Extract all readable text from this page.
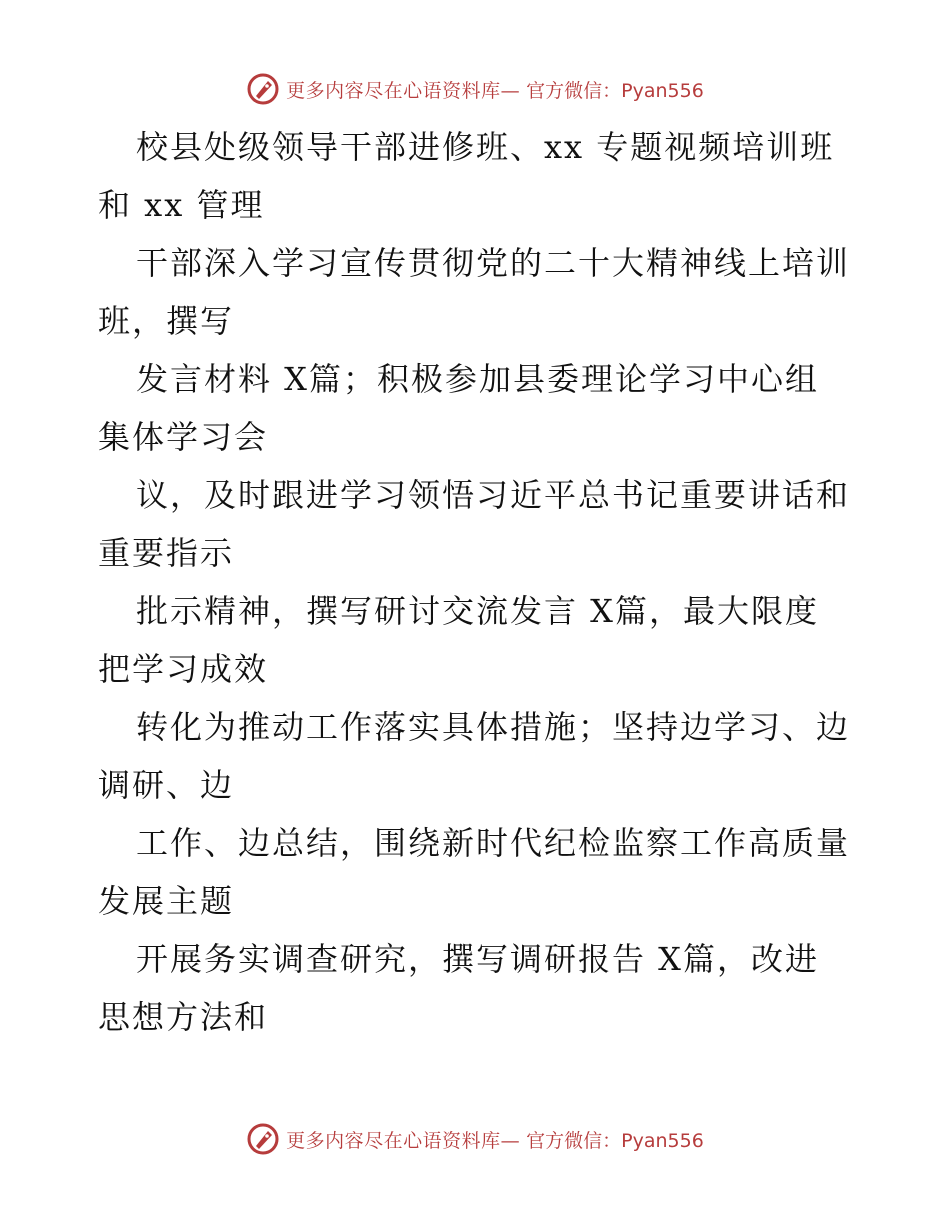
更多内容尽在心语资料库— 官方微信：Pyan556
校县处级领导干部进修班、xx 专题视频培训班
和 xx 管理
干部深入学习宣传贯彻党的二十大精神线上培训
班，撰写
发言材料 X篇；积极参加县委理论学习中心组
集体学习会
议，及时跟进学习领悟习近平总书记重要讲话和
重要指示
批示精神，撰写研讨交流发言 X篇，最大限度
把学习成效
转化为推动工作落实具体措施；坚持边学习、边
调研、边
工作、边总结，围绕新时代纪检监察工作高质量
发展主题
开展务实调查研究，撰写调研报告 X篇，改进
思想方法和
更多内容尽在心语资料库— 官方微信：Pyan556
